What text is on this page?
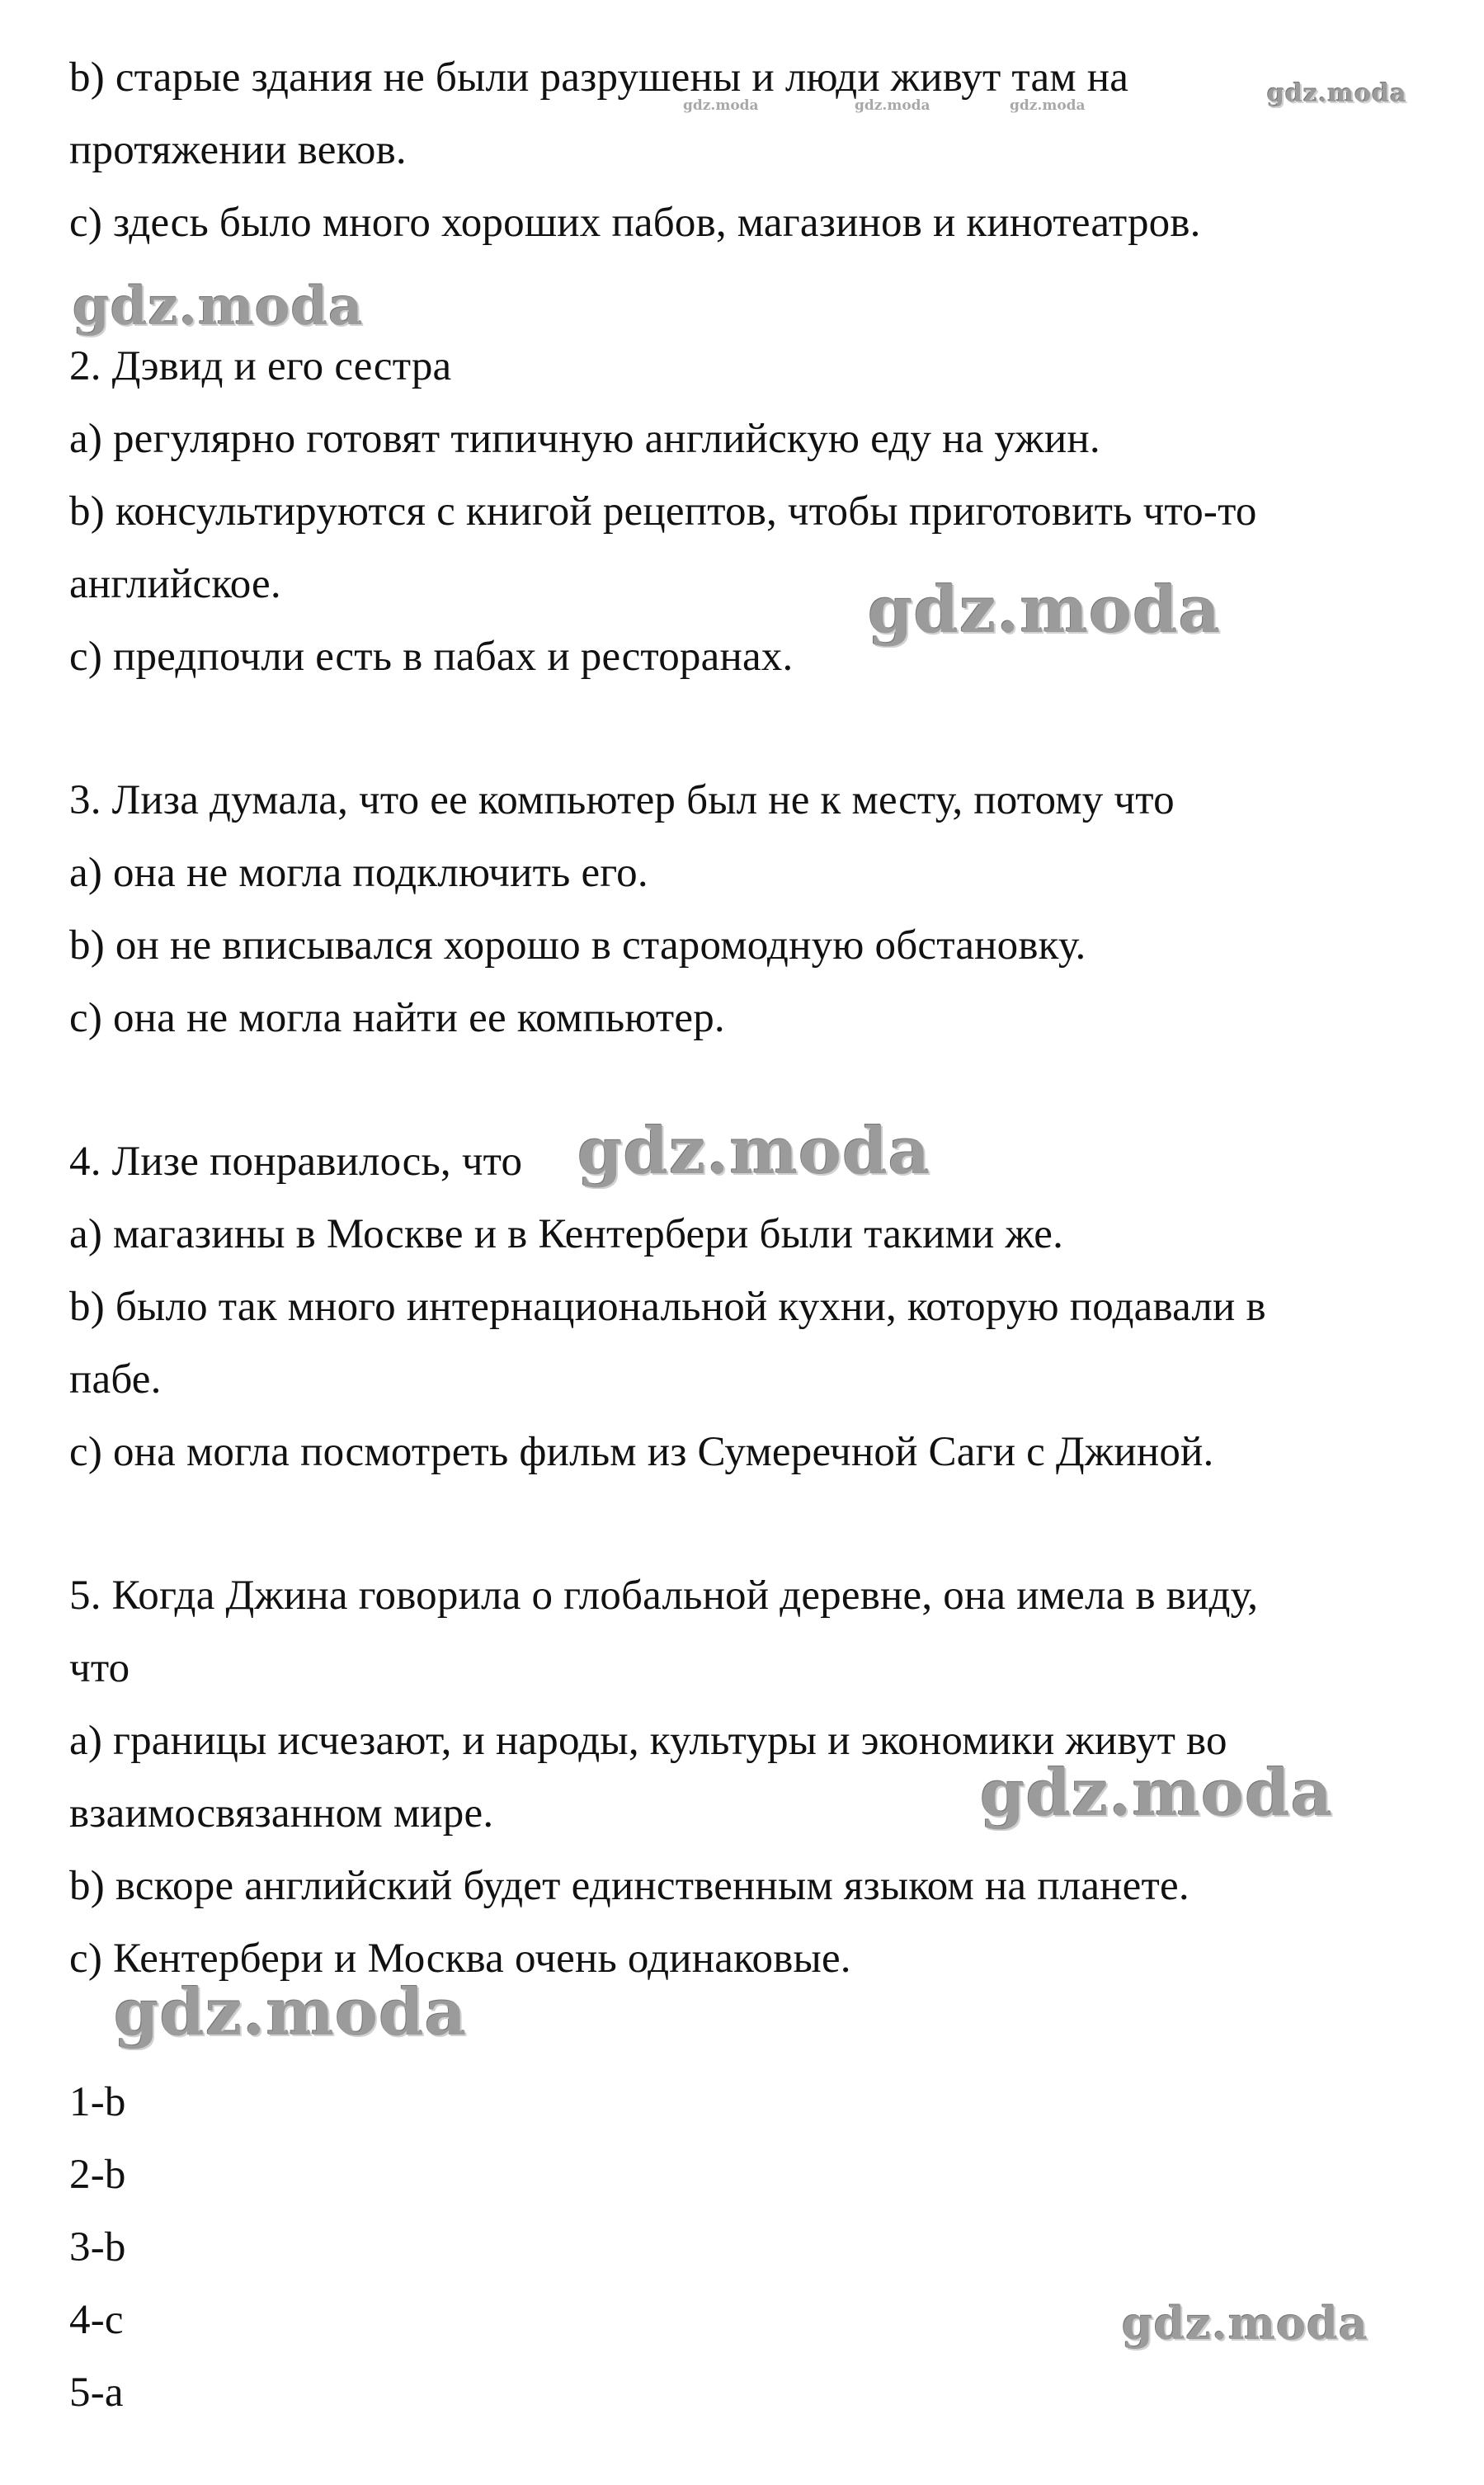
b) старые здания не были разрушены и люди живут там на
протяжении веков.
c) здесь было много хороших пабов, магазинов и кинотеатров.
2. Дэвид и его сестра
a) регулярно готовят типичную английскую еду на ужин.
b) консультируются с книгой рецептов, чтобы приготовить что-то
английское.
c) предпочли есть в пабах и ресторанах.
3. Лиза думала, что ее компьютер был не к месту, потому что
a) она не могла подключить его.
b) он не вписывался хорошо в старомодную обстановку.
c) она не могла найти ее компьютер.
4. Лизе понравилось, что
a) магазины в Москве и в Кентербери были такими же.
b) было так много интернациональной кухни, которую подавали в
пабе.
c) она могла посмотреть фильм из Сумеречной Саги с Джиной.
5. Когда Джина говорила о глобальной деревне, она имела в виду,
что
a) границы исчезают, и народы, культуры и экономики живут во
взаимосвязанном мире.
b) вскоре английский будет единственным языком на планете.
c) Кентербери и Москва очень одинаковые.
1-b
2-b
3-b
4-c
5-a
gdz.moda	gdz.moda	gdz.moda	gdz.moda
gdz.moda
gdz.moda
gdz.moda
gdz.moda
gdz.moda
gdz.moda
